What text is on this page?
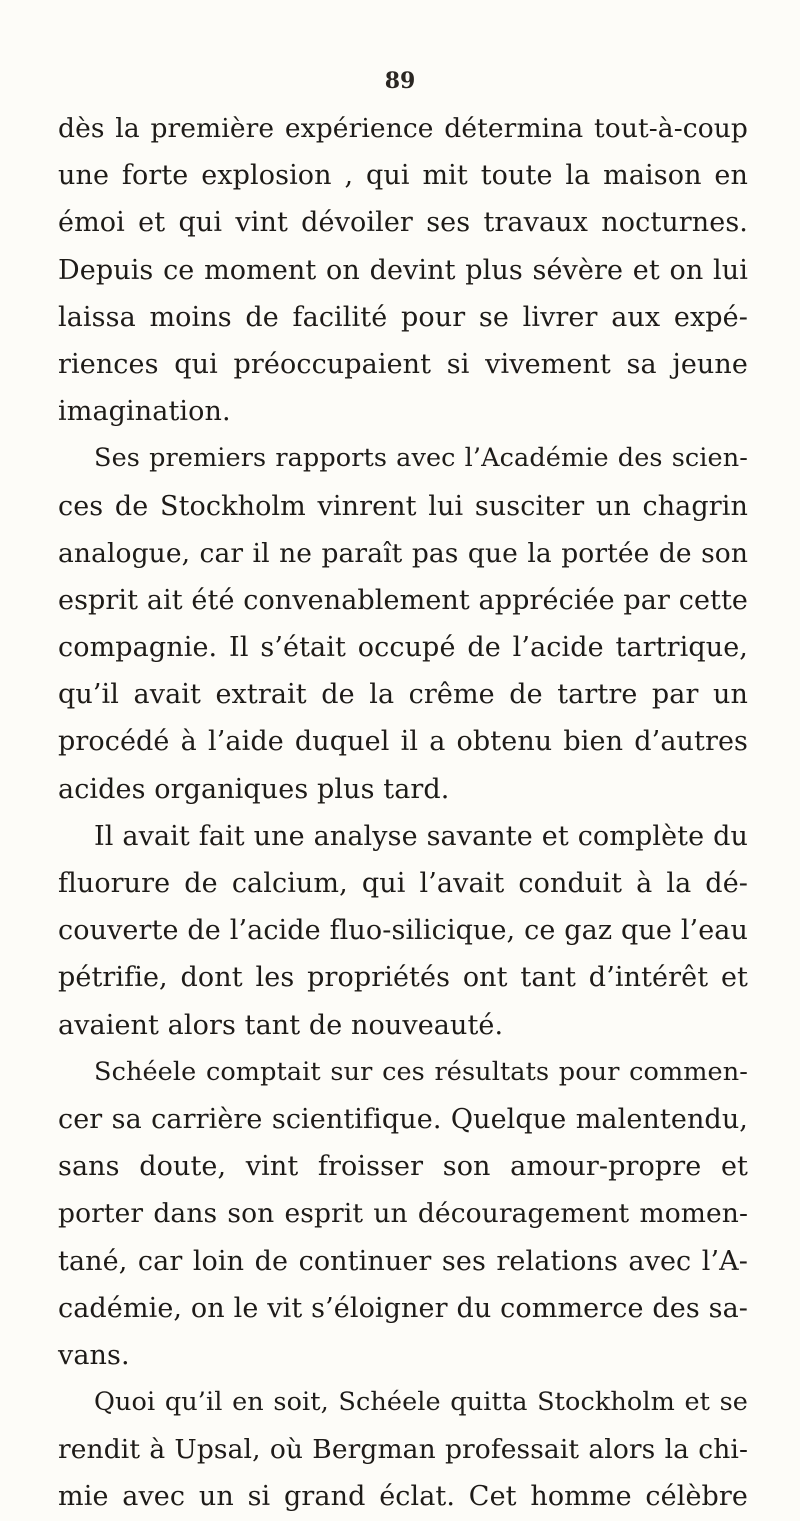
89
dès la première expérience détermina tout-à-coup
une forte explosion , qui mit toute la maison en
émoi et qui vint dévoiler ses travaux nocturnes.
Depuis ce moment on devint plus sévère et on lui
laissa moins de facilité pour se livrer aux expé-
riences qui préoccupaient si vivement sa jeune
imagination.
Ses premiers rapports avec l’Académie des scien-
ces de Stockholm vinrent lui susciter un chagrin
analogue, car il ne paraît pas que la portée de son
esprit ait été convenablement appréciée par cette
compagnie. Il s’était occupé de l’acide tartrique,
qu’il avait extrait de la crême de tartre par un
procédé à l’aide duquel il a obtenu bien d’autres
acides organiques plus tard.
Il avait fait une analyse savante et complète du
fluorure de calcium, qui l’avait conduit à la dé-
couverte de l’acide fluo-silicique, ce gaz que l’eau
pétrifie, dont les propriétés ont tant d’intérêt et
avaient alors tant de nouveauté.
Schéele comptait sur ces résultats pour commen-
cer sa carrière scientifique. Quelque malentendu,
sans doute, vint froisser son amour-propre et
porter dans son esprit un découragement momen-
tané, car loin de continuer ses relations avec l’A-
cadémie, on le vit s’éloigner du commerce des sa-
vans.
Quoi qu’il en soit, Schéele quitta Stockholm et se
rendit à Upsal, où Bergman professait alors la chi-
mie avec un si grand éclat. Cet homme célèbre
